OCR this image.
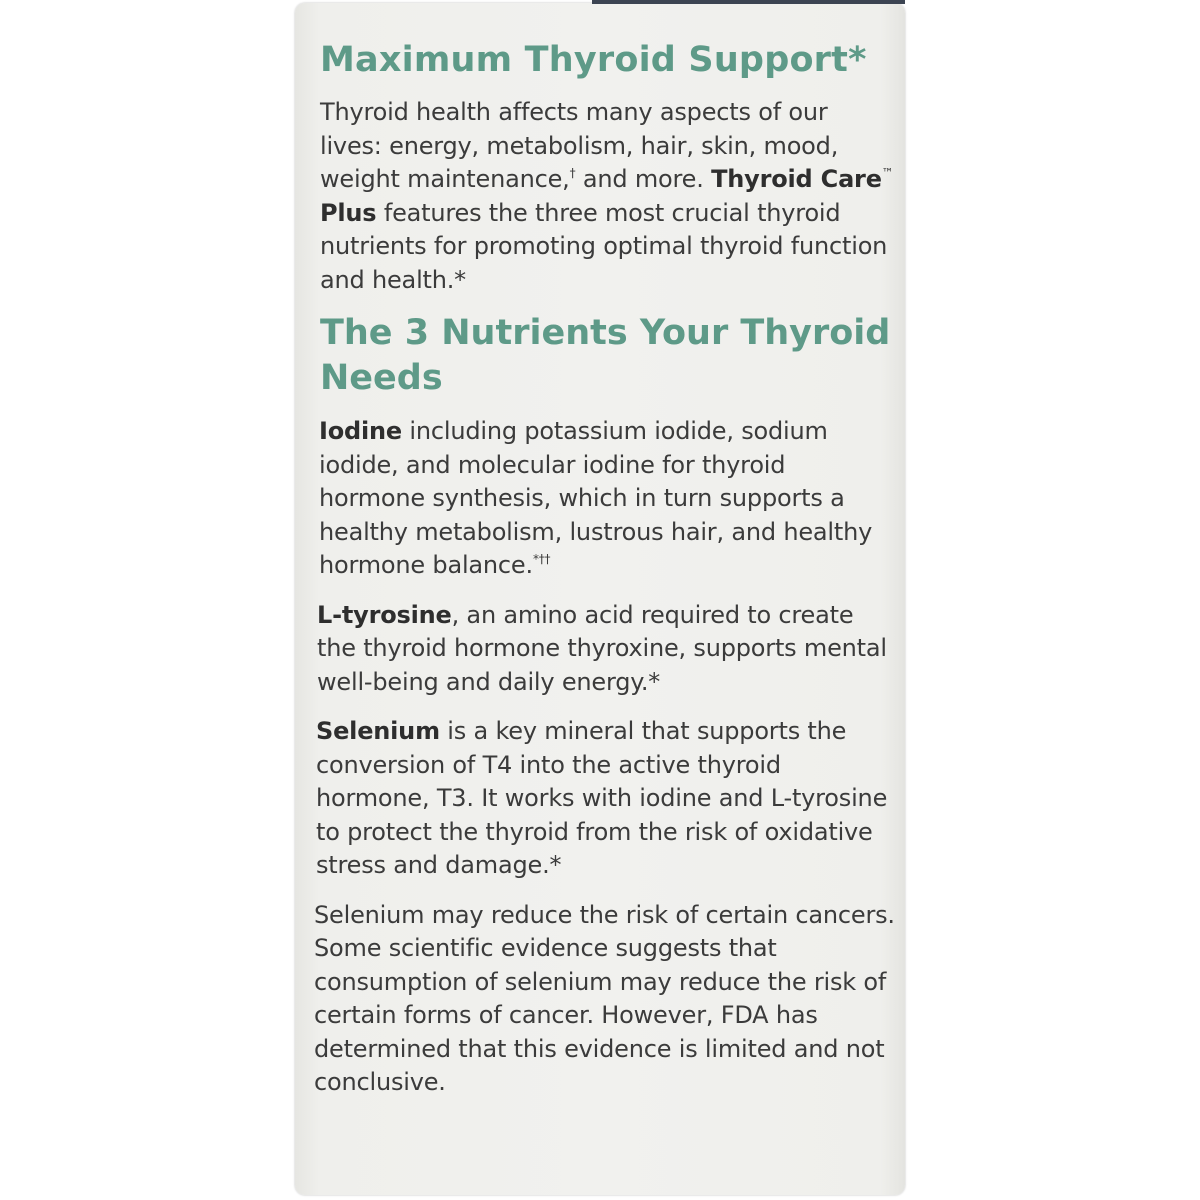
Maximum Thyroid Support*

Thyroid health affects many aspects of our lives: energy, metabolism, hair, skin, mood, weight maintenance,† and more. Thyroid Care™ Plus features the three most crucial thyroid nutrients for promoting optimal thyroid function and health.*

The 3 Nutrients Your Thyroid Needs

Iodine including potassium iodide, sodium iodide, and molecular iodine for thyroid hormone synthesis, which in turn supports a healthy metabolism, lustrous hair, and healthy hormone balance.*††

L-tyrosine, an amino acid required to create the thyroid hormone thyroxine, supports mental well-being and daily energy.*

Selenium is a key mineral that supports the conversion of T4 into the active thyroid hormone, T3. It works with iodine and L-tyrosine to protect the thyroid from the risk of oxidative stress and damage.*

Selenium may reduce the risk of certain cancers. Some scientific evidence suggests that consumption of selenium may reduce the risk of certain forms of cancer. However, FDA has determined that this evidence is limited and not conclusive.
